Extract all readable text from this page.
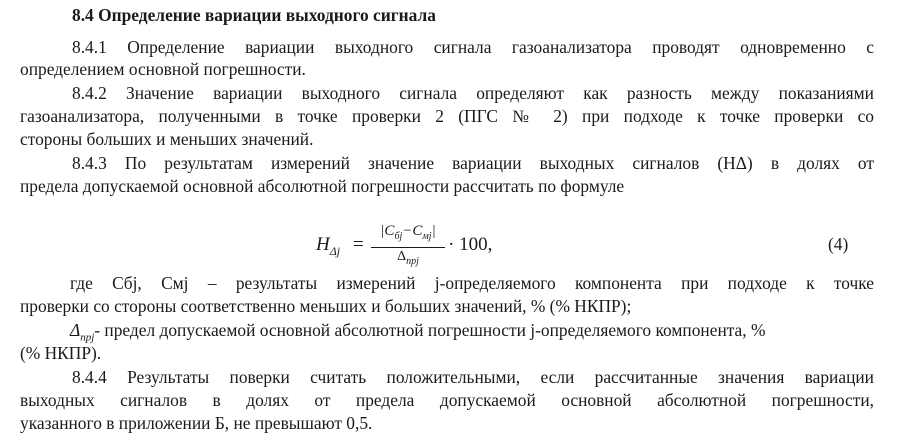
8.4 Определение вариации выходного сигнала
8.4.1 Определение вариации выходного сигнала газоанализатора проводят одновременно с
определением основной погрешности.
8.4.2 Значение вариации выходного сигнала определяют как разность между показаниями
газоанализатора, полученными в точке проверки 2 (ПГС № 2) при подходе к точке проверки со
стороны больших и меньших значений.
8.4.3 По результатам измерений значение вариации выходных сигналов (HΔ) в долях от
предела допускаемой основной абсолютной погрешности рассчитать по формуле
$H_{\Delta j}$ =
$|C_{бj}-C_{мj}|$
$\Delta_{прj}$
· 100,	(4)
где Cбj, Cмj – результаты измерений j-определяемого компонента при подходе к точке
проверки со стороны соответственно меньших и больших значений, % (% НКПР);
$\Delta_{прj}-$ предел допускаемой основной абсолютной погрешности j-определяемого компонента, %
(% НКПР).
8.4.4 Результаты поверки считать положительными, если рассчитанные значения вариации
выходных сигналов в долях от предела допускаемой основной абсолютной погрешности,
указанного в приложении Б, не превышают 0,5.
